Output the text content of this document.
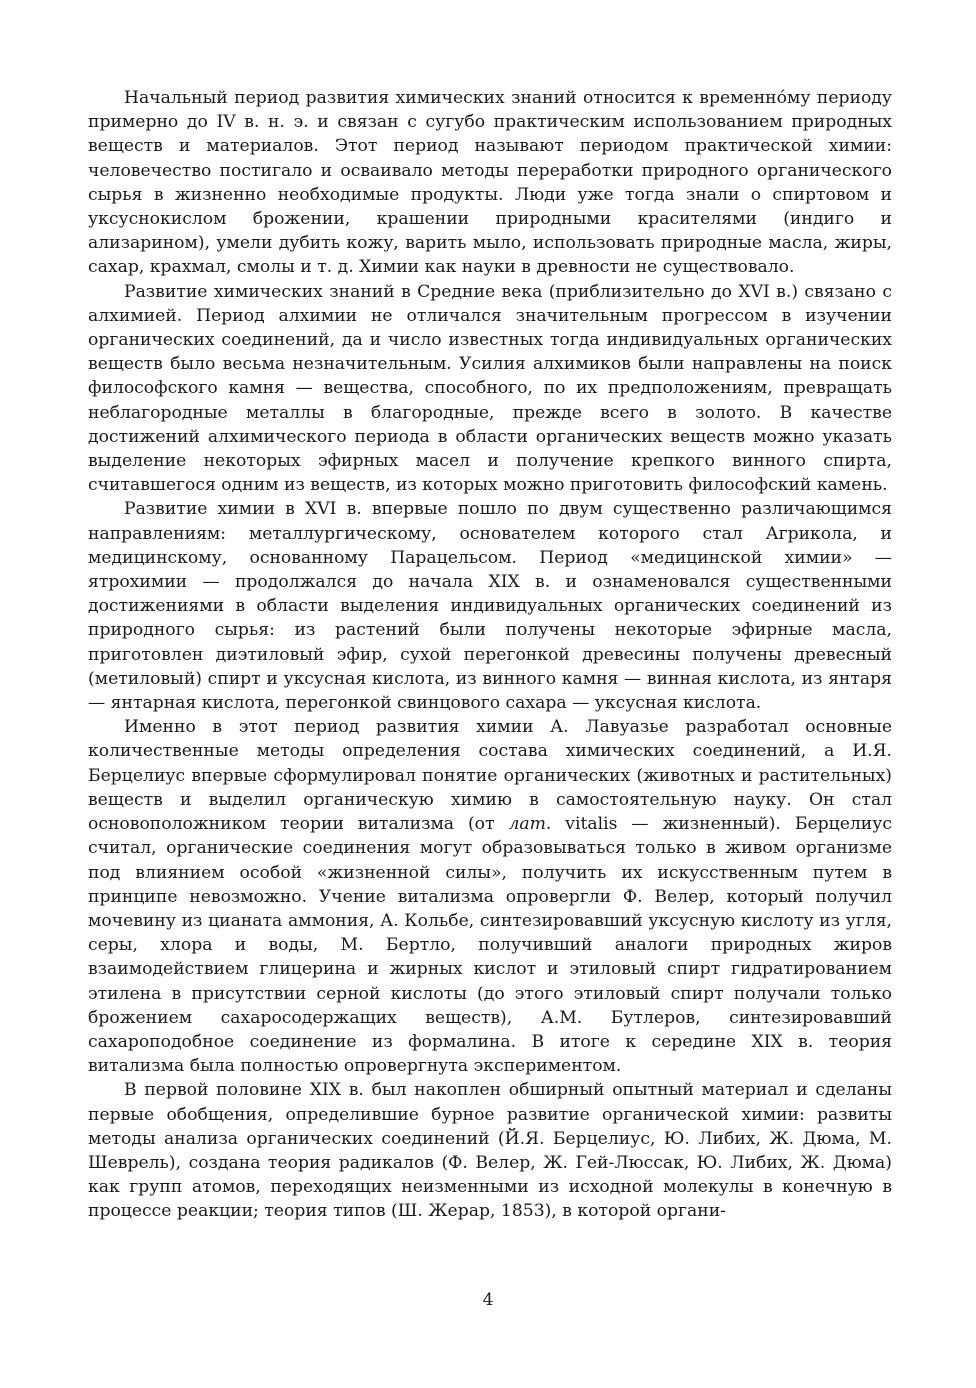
Начальный период развития химических знаний относится к временно́му периоду примерно до IV в. н. э. и связан с сугубо практическим использованием природных веществ и материалов. Этот период называют периодом практической химии: человечество постигало и осваивало методы переработки природного органического сырья в жизненно необходимые продукты. Люди уже тогда знали о спиртовом и уксуснокислом брожении, крашении природными красителями (индиго и ализарином), умели дубить кожу, варить мыло, использовать природные масла, жиры, сахар, крахмал, смолы и т. д. Химии как науки в древности не существовало.

Развитие химических знаний в Средние века (приблизительно до XVI в.) связано с алхимией. Период алхимии не отличался значительным прогрессом в изучении органических соединений, да и число известных тогда индивидуальных органических веществ было весьма незначительным. Усилия алхимиков были направлены на поиск философского камня — вещества, способного, по их предположениям, превращать неблагородные металлы в благородные, прежде всего в золото. В качестве достижений алхимического периода в области органических веществ можно указать выделение некоторых эфирных масел и получение крепкого винного спирта, считавшегося одним из веществ, из которых можно приготовить философский камень.

Развитие химии в XVI в. впервые пошло по двум существенно различающимся направлениям: металлургическому, основателем которого стал Агрикола, и медицинскому, основанному Парацельсом. Период «медицинской химии» — ятрохимии — продолжался до начала XIX в. и ознаменовался существенными достижениями в области выделения индивидуальных органических соединений из природного сырья: из растений были получены некоторые эфирные масла, приготовлен диэтиловый эфир, сухой перегонкой древесины получены древесный (метиловый) спирт и уксусная кислота, из винного камня — винная кислота, из янтаря — янтарная кислота, перегонкой свинцового сахара — уксусная кислота.

Именно в этот период развития химии А. Лавуазье разработал основные количественные методы определения состава химических соединений, а И.Я. Берцелиус впервые сформулировал понятие органических (животных и растительных) веществ и выделил органическую химию в самостоятельную науку. Он стал основоположником теории витализма (от лат. vitalis — жизненный). Берцелиус считал, органические соединения могут образовываться только в живом организме под влиянием особой «жизненной силы», получить их искусственным путем в принципе невозможно. Учение витализма опровергли Ф. Велер, который получил мочевину из цианата аммония, А. Кольбе, синтезировавший уксусную кислоту из угля, серы, хлора и воды, М. Бертло, получивший аналоги природных жиров взаимодействием глицерина и жирных кислот и этиловый спирт гидратированием этилена в присутствии серной кислоты (до этого этиловый спирт получали только брожением сахаросодержащих веществ), А.М. Бутлеров, синтезировавший сахароподобное соединение из формалина. В итоге к середине XIX в. теория витализма была полностью опровергнута экспериментом.

В первой половине XIX в. был накоплен обширный опытный материал и сделаны первые обобщения, определившие бурное развитие органической химии: развиты методы анализа органических соединений (Й.Я. Берцелиус, Ю. Либих, Ж. Дюма, М. Шеврель), создана теория радикалов (Ф. Велер, Ж. Гей-Люссак, Ю. Либих, Ж. Дюма) как групп атомов, переходящих неизменными из исходной молекулы в конечную в процессе реакции; теория типов (Ш. Жерар, 1853), в которой органи-

4
